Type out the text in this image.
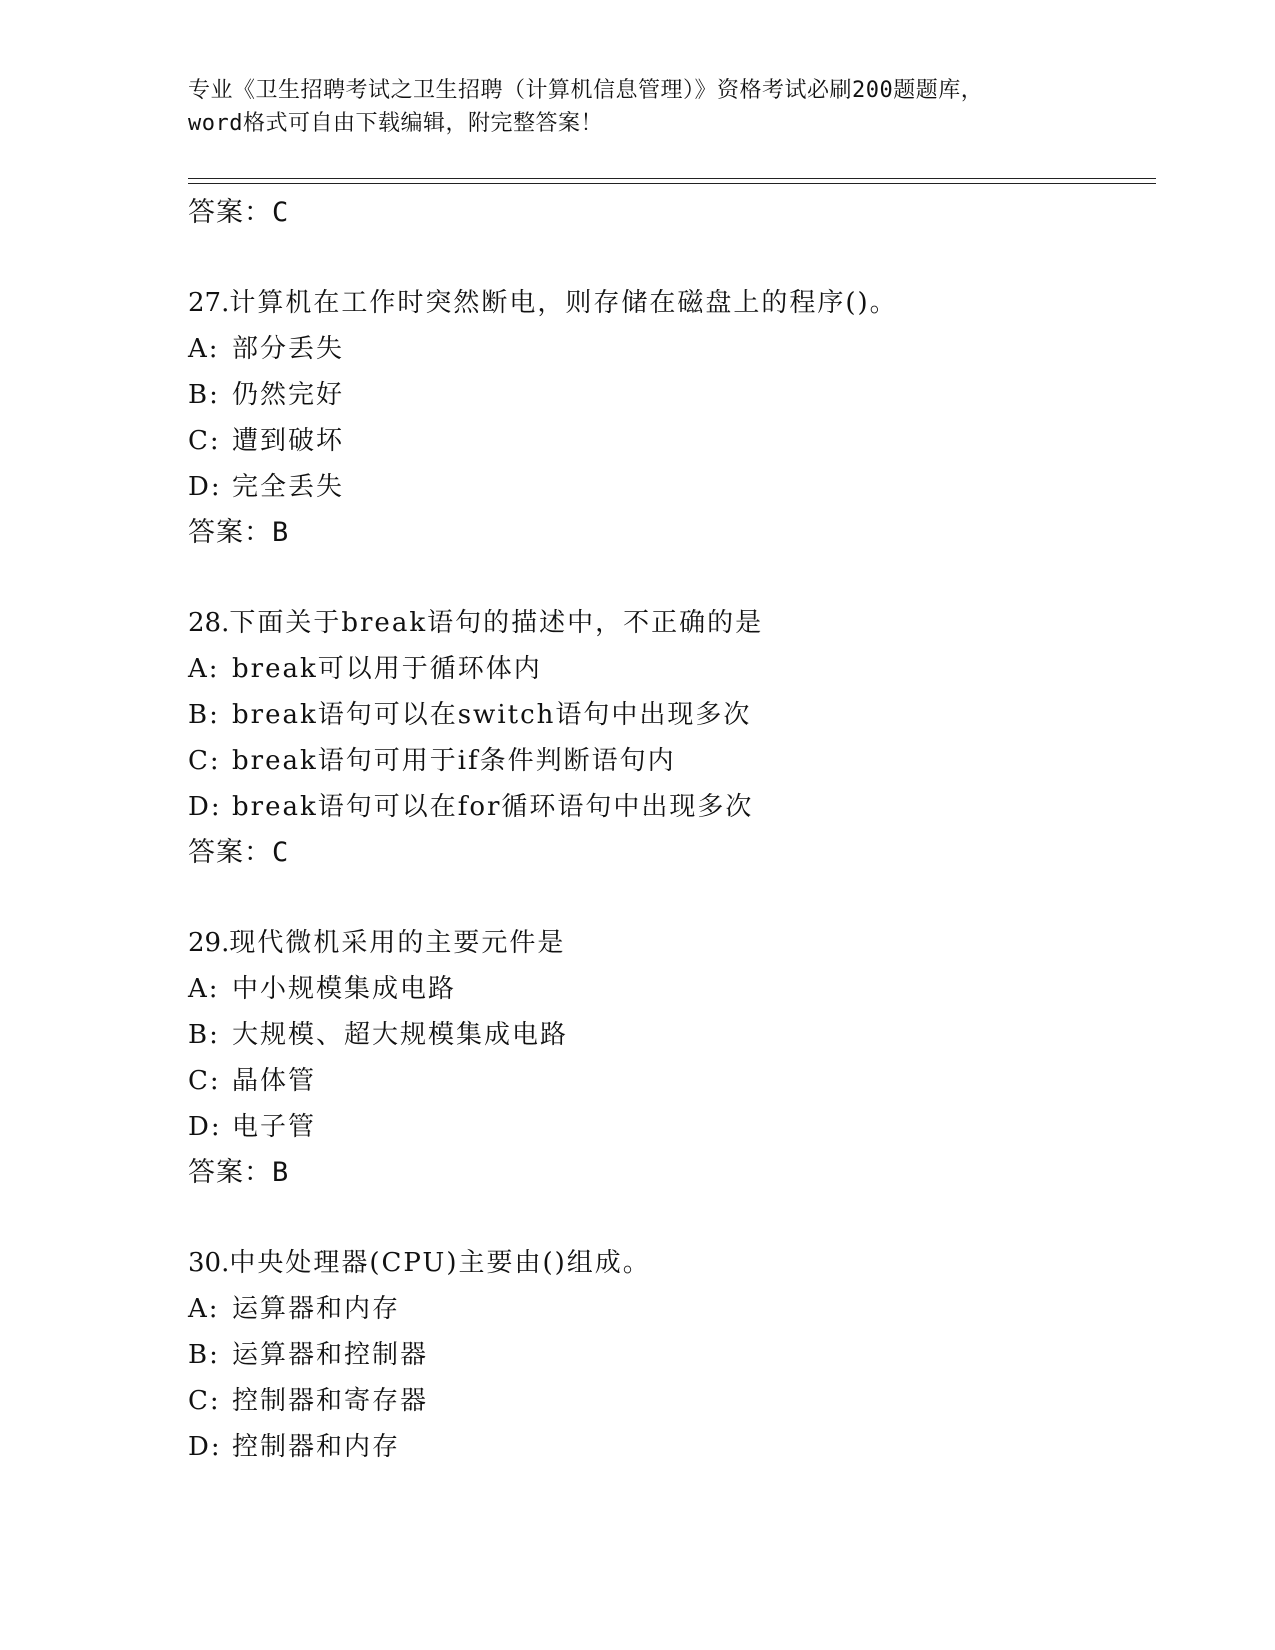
专业《卫生招聘考试之卫生招聘（计算机信息管理）》资格考试必刷200题题库，
word格式可自由下载编辑，附完整答案！
答案：C
27.计算机在工作时突然断电，则存储在磁盘上的程序()。
A: 部分丢失
B: 仍然完好
C: 遭到破坏
D: 完全丢失
答案：B
28.下面关于break语句的描述中，不正确的是
A: break可以用于循环体内
B: break语句可以在switch语句中出现多次
C: break语句可用于if条件判断语句内
D: break语句可以在for循环语句中出现多次
答案：C
29.现代微机采用的主要元件是
A: 中小规模集成电路
B: 大规模、超大规模集成电路
C: 晶体管
D: 电子管
答案：B
30.中央处理器(CPU)主要由()组成。
A: 运算器和内存
B: 运算器和控制器
C: 控制器和寄存器
D: 控制器和内存
